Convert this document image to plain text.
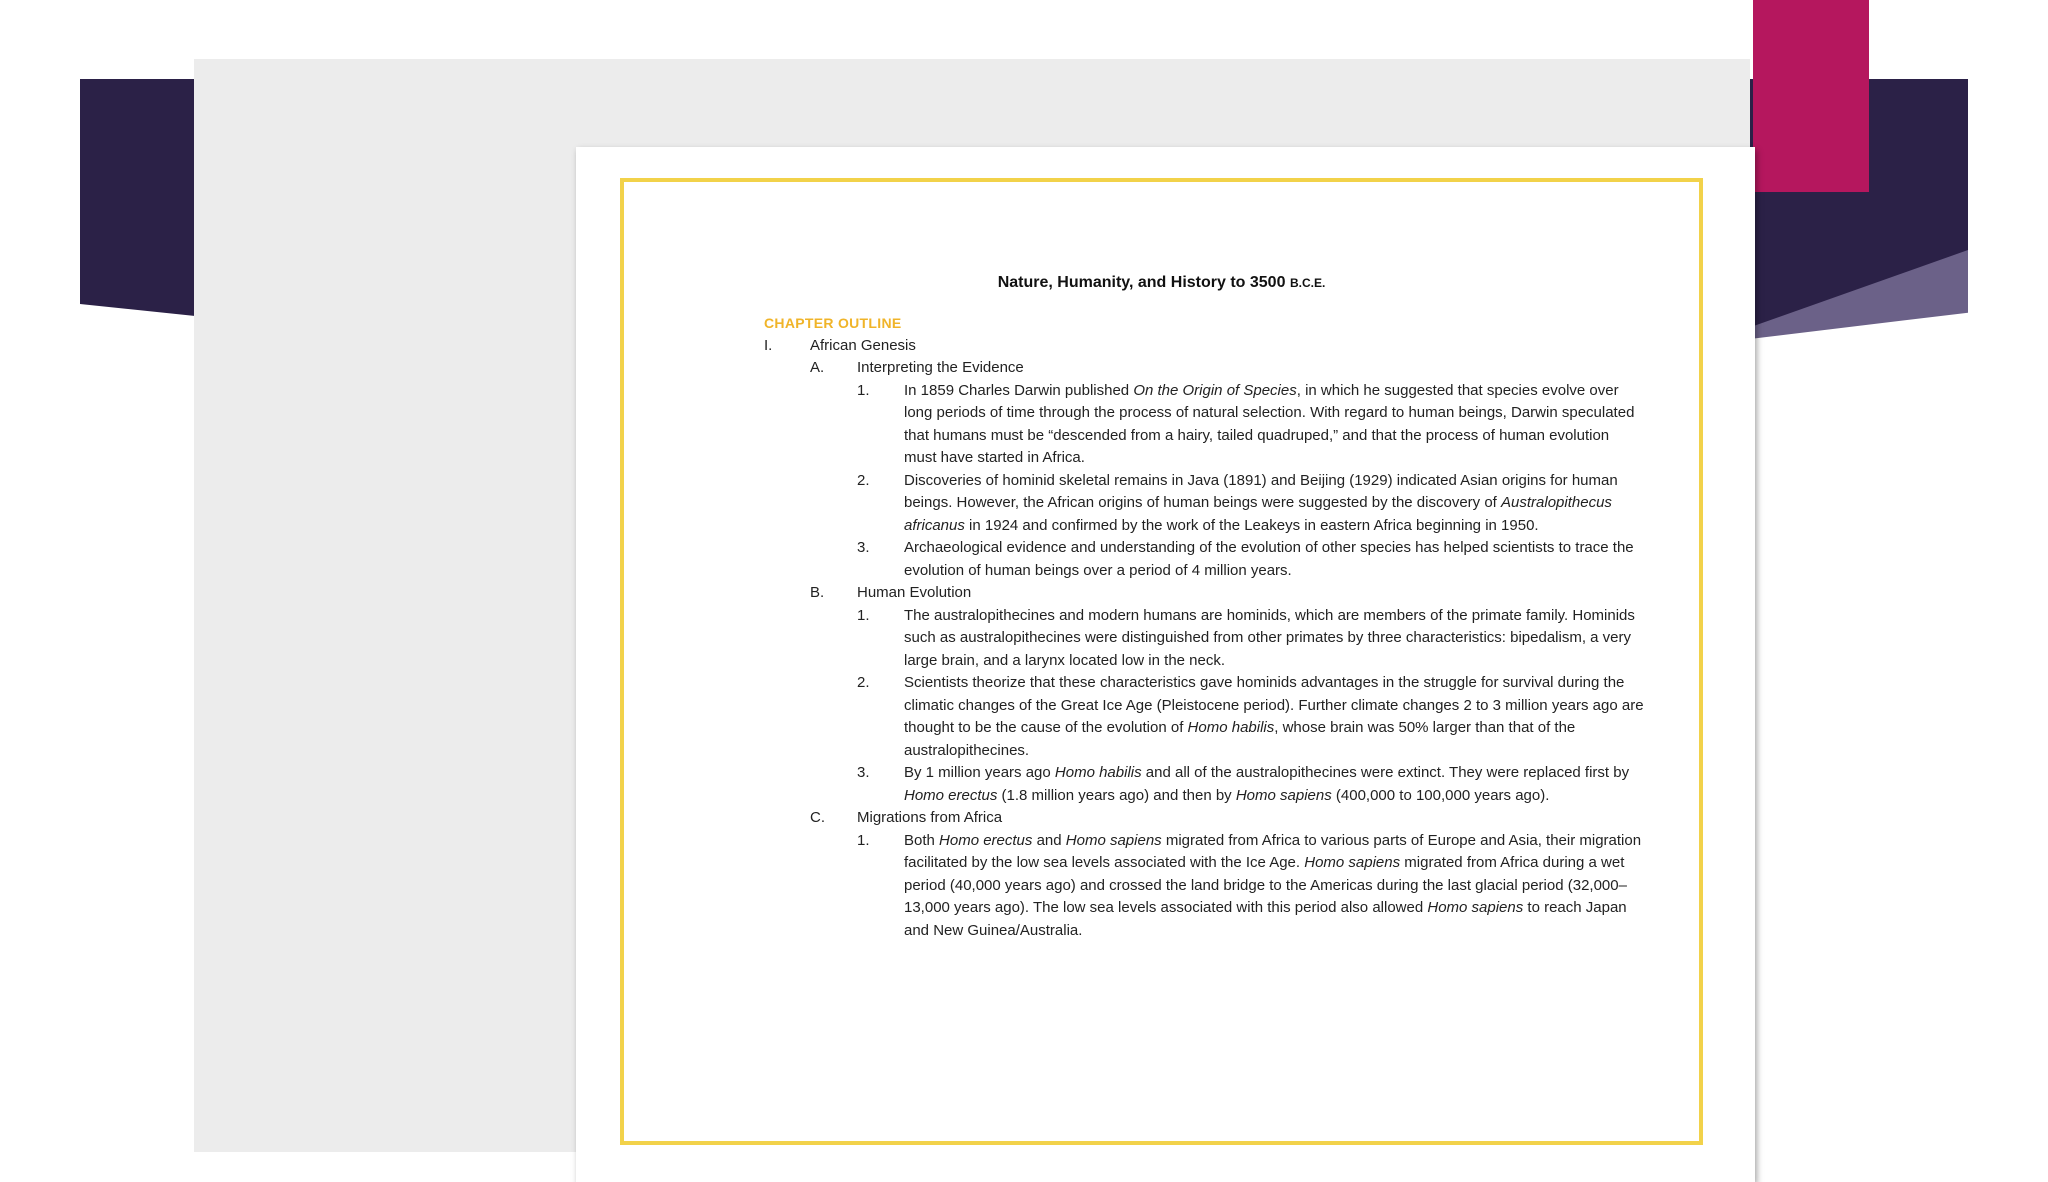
Nature, Humanity, and History to 3500 B.C.E.
CHAPTER OUTLINE
I.	African Genesis
A.	Interpreting the Evidence
1.	In 1859 Charles Darwin published On the Origin of Species, in which he suggested that species evolve over long periods of time through the process of natural selection. With regard to human beings, Darwin speculated that humans must be “descended from a hairy, tailed quadruped,” and that the process of human evolution must have started in Africa.
2.	Discoveries of hominid skeletal remains in Java (1891) and Beijing (1929) indicated Asian origins for human beings. However, the African origins of human beings were suggested by the discovery of Australopithecus africanus in 1924 and confirmed by the work of the Leakeys in eastern Africa beginning in 1950.
3.	Archaeological evidence and understanding of the evolution of other species has helped scientists to trace the evolution of human beings over a period of 4 million years.
B.	Human Evolution
1.	The australopithecines and modern humans are hominids, which are members of the primate family. Hominids such as australopithecines were distinguished from other primates by three characteristics: bipedalism, a very large brain, and a larynx located low in the neck.
2.	Scientists theorize that these characteristics gave hominids advantages in the struggle for survival during the climatic changes of the Great Ice Age (Pleistocene period). Further climate changes 2 to 3 million years ago are thought to be the cause of the evolution of Homo habilis, whose brain was 50% larger than that of the australopithecines.
3.	By 1 million years ago Homo habilis and all of the australopithecines were extinct. They were replaced first by Homo erectus (1.8 million years ago) and then by Homo sapiens (400,000 to 100,000 years ago).
C.	Migrations from Africa
1.	Both Homo erectus and Homo sapiens migrated from Africa to various parts of Europe and Asia, their migration facilitated by the low sea levels associated with the Ice Age. Homo sapiens migrated from Africa during a wet period (40,000 years ago) and crossed the land bridge to the Americas during the last glacial period (32,000–13,000 years ago). The low sea levels associated with this period also allowed Homo sapiens to reach Japan and New Guinea/Australia.
